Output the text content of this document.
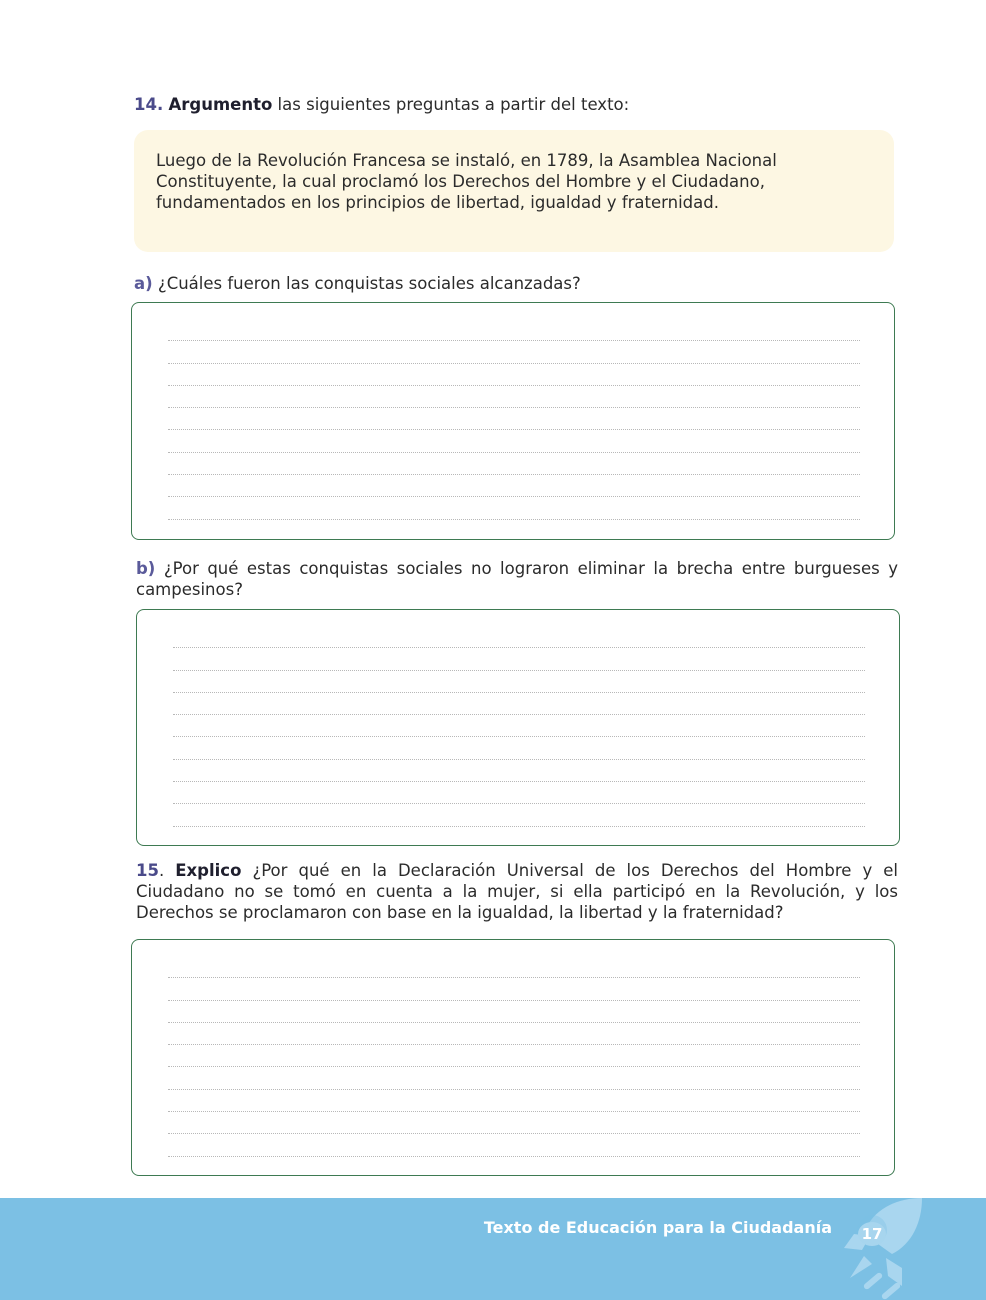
14. Argumento las siguientes preguntas a partir del texto:

Luego de la Revolución Francesa se instaló, en 1789, la Asamblea Nacional Constituyente, la cual proclamó los Derechos del Hombre y el Ciudadano, fundamentados en los principios de libertad, igualdad y fraternidad.

a) ¿Cuáles fueron las conquistas sociales alcanzadas?

b) ¿Por qué estas conquistas sociales no lograron eliminar la brecha entre burgueses y campesinos?

15. Explico ¿Por qué en la Declaración Universal de los Derechos del Hombre y el Ciudadano no se tomó en cuenta a la mujer, si ella participó en la Revolución, y los Derechos se proclamaron con base en la igualdad, la libertad y la fraternidad?

Texto de Educación para la Ciudadanía 17
